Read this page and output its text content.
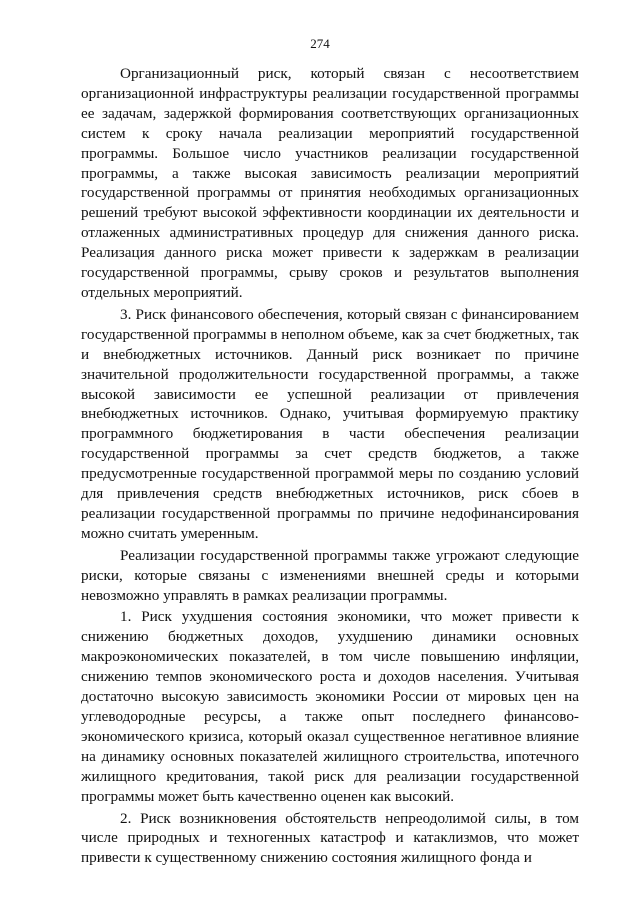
274

Организационный риск, который связан с несоответствием организационной инфраструктуры реализации государственной программы ее задачам, задержкой формирования соответствующих организационных систем к сроку начала реализации мероприятий государственной программы. Большое число участников реализации государственной программы, а также высокая зависимость реализации мероприятий государственной программы от принятия необходимых организационных решений требуют высокой эффективности координации их деятельности и отлаженных административных процедур для снижения данного риска. Реализация данного риска может привести к задержкам в реализации государственной программы, срыву сроков и результатов выполнения отдельных мероприятий.

3. Риск финансового обеспечения, который связан с финансированием государственной программы в неполном объеме, как за счет бюджетных, так и внебюджетных источников. Данный риск возникает по причине значительной продолжительности государственной программы, а также высокой зависимости ее успешной реализации от привлечения внебюджетных источников. Однако, учитывая формируемую практику программного бюджетирования в части обеспечения реализации государственной программы за счет средств бюджетов, а также предусмотренные государственной программой меры по созданию условий для привлечения средств внебюджетных источников, риск сбоев в реализации государственной программы по причине недофинансирования можно считать умеренным.

Реализации государственной программы также угрожают следующие риски, которые связаны с изменениями внешней среды и которыми невозможно управлять в рамках реализации программы.

1. Риск ухудшения состояния экономики, что может привести к снижению бюджетных доходов, ухудшению динамики основных макроэкономических показателей, в том числе повышению инфляции, снижению темпов экономического роста и доходов населения. Учитывая достаточно высокую зависимость экономики России от мировых цен на углеводородные ресурсы, а также опыт последнего финансово-экономического кризиса, который оказал существенное негативное влияние на динамику основных показателей жилищного строительства, ипотечного жилищного кредитования, такой риск для реализации государственной программы может быть качественно оценен как высокий.

2. Риск возникновения обстоятельств непреодолимой силы, в том числе природных и техногенных катастроф и катаклизмов, что может привести к существенному снижению состояния жилищного фонда и
